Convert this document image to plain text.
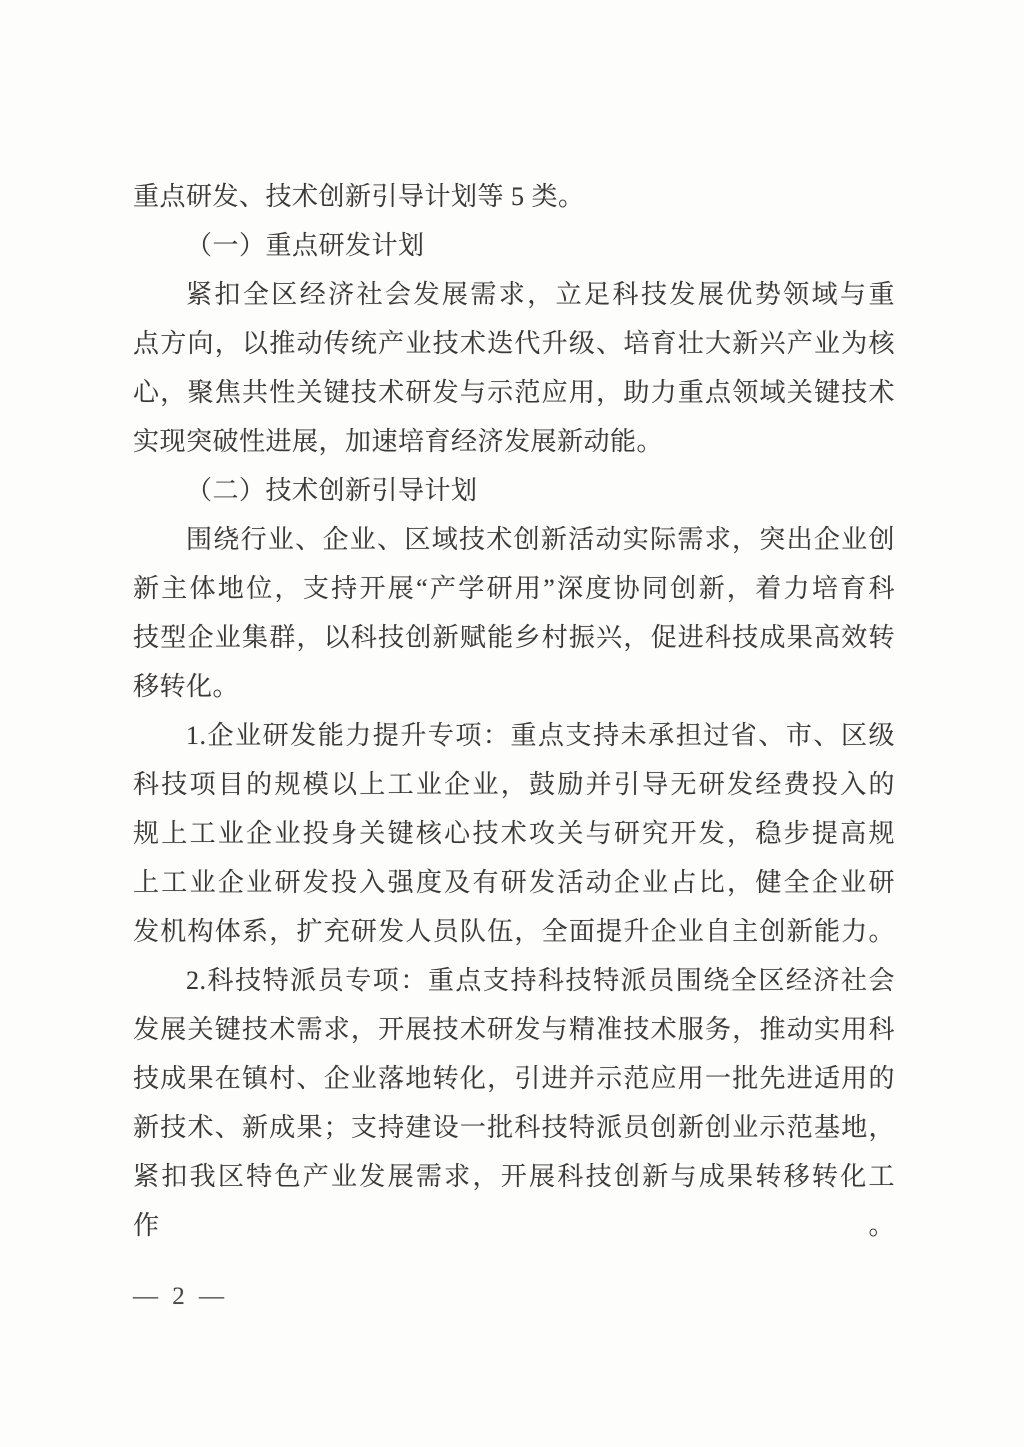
重点研发、技术创新引导计划等 5 类。
（一）重点研发计划
紧扣全区经济社会发展需求，立足科技发展优势领域与重
点方向，以推动传统产业技术迭代升级、培育壮大新兴产业为核
心，聚焦共性关键技术研发与示范应用，助力重点领域关键技术
实现突破性进展，加速培育经济发展新动能。
（二）技术创新引导计划
围绕行业、企业、区域技术创新活动实际需求，突出企业创
新主体地位，支持开展“产学研用”深度协同创新，着力培育科
技型企业集群，以科技创新赋能乡村振兴，促进科技成果高效转
移转化。
1.企业研发能力提升专项：重点支持未承担过省、市、区级
科技项目的规模以上工业企业，鼓励并引导无研发经费投入的
规上工业企业投身关键核心技术攻关与研究开发，稳步提高规
上工业企业研发投入强度及有研发活动企业占比，健全企业研
发机构体系，扩充研发人员队伍，全面提升企业自主创新能力。
2.科技特派员专项：重点支持科技特派员围绕全区经济社会
发展关键技术需求，开展技术研发与精准技术服务，推动实用科
技成果在镇村、企业落地转化，引进并示范应用一批先进适用的
新技术、新成果；支持建设一批科技特派员创新创业示范基地，
紧扣我区特色产业发展需求，开展科技创新与成果转移转化工作。
— 2 —
